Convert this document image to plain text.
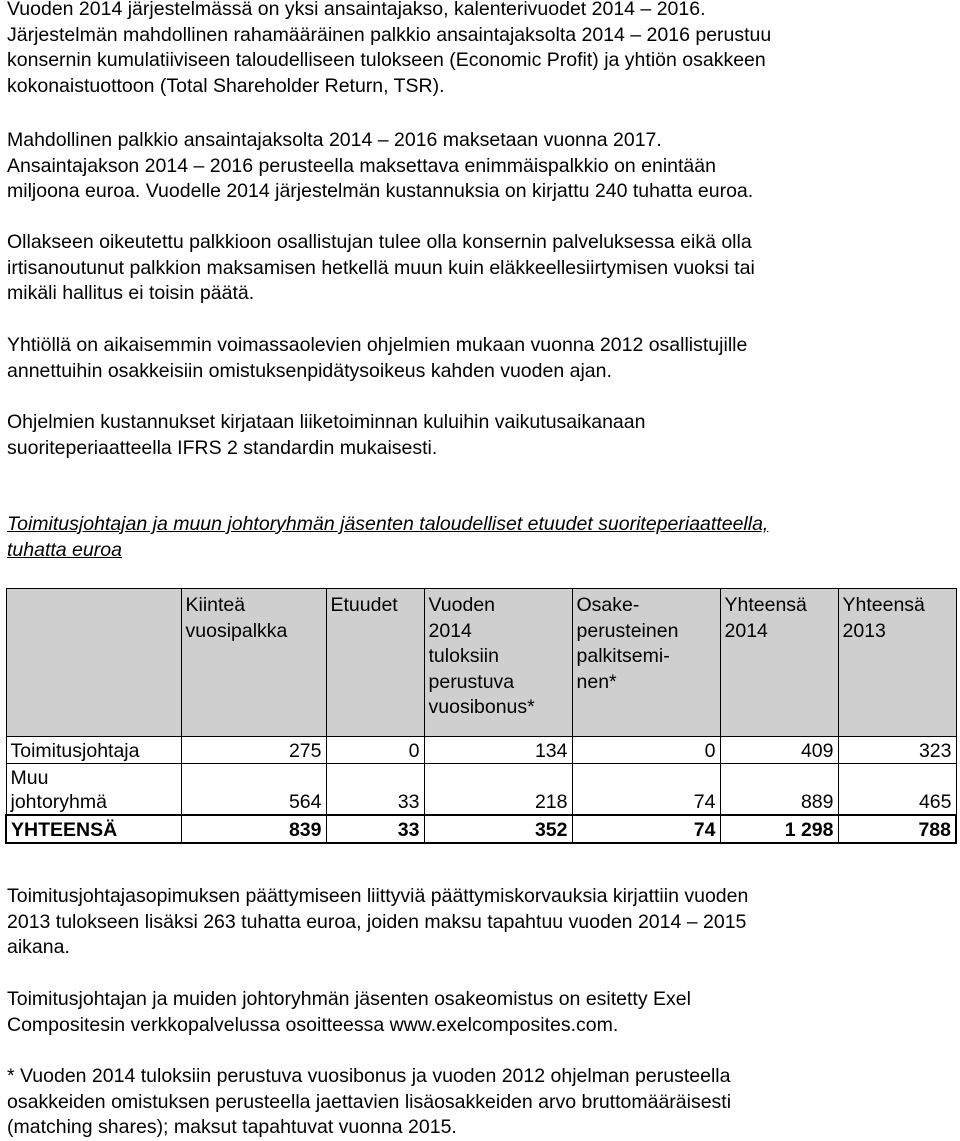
Vuoden 2014 järjestelmässä on yksi ansaintajakso, kalenterivuodet 2014 – 2016.
Järjestelmän mahdollinen rahamääräinen palkkio ansaintajaksolta 2014 – 2016 perustuu
konsernin kumulatiiviseen taloudelliseen tulokseen (Economic Profit) ja yhtiön osakkeen
kokonaistuottoon (Total Shareholder Return, TSR).
Mahdollinen palkkio ansaintajaksolta 2014 – 2016 maksetaan vuonna 2017.
Ansaintajakson 2014 – 2016 perusteella maksettava enimmäispalkkio on enintään
miljoona euroa. Vuodelle 2014 järjestelmän kustannuksia on kirjattu 240 tuhatta euroa.
Ollakseen oikeutettu palkkioon osallistujan tulee olla konsernin palveluksessa eikä olla
irtisanoutunut palkkion maksamisen hetkellä muun kuin eläkkeellesiirtymisen vuoksi tai
mikäli hallitus ei toisin päätä.
Yhtiöllä on aikaisemmin voimassaolevien ohjelmien mukaan vuonna 2012 osallistujille
annettuihin osakkeisiin omistuksenpidätysoikeus kahden vuoden ajan.
Ohjelmien kustannukset kirjataan liiketoiminnan kuluihin vaikutusaikanaan
suoriteperiaatteella IFRS 2 standardin mukaisesti.
Toimitusjohtajan ja muun johtoryhmän jäsenten taloudelliset etuudet suoriteperiaatteella,
tuhatta euroa

	Kiinteä
vuosipalkka	Etuudet	Vuoden
2014
tuloksiin
perustuva
vuosibonus*	Osake-
perusteinen
palkitsemi-
nen*	Yhteensä
2014	Yhteensä
2013

Toimitusjohtaja	275	0	134	0	409	323

Muu
johtoryhmä	564	33	218	74	889	465

YHTEENSÄ	839	33	352	74	1 298	788
Toimitusjohtajasopimuksen päättymiseen liittyviä päättymiskorvauksia kirjattiin vuoden
2013 tulokseen lisäksi 263 tuhatta euroa, joiden maksu tapahtuu vuoden 2014 – 2015
aikana.
Toimitusjohtajan ja muiden johtoryhmän jäsenten osakeomistus on esitetty Exel
Compositesin verkkopalvelussa osoitteessa www.exelcomposites.com.
* Vuoden 2014 tuloksiin perustuva vuosibonus ja vuoden 2012 ohjelman perusteella
osakkeiden omistuksen perusteella jaettavien lisäosakkeiden arvo bruttomääräisesti
(matching shares); maksut tapahtuvat vuonna 2015.
